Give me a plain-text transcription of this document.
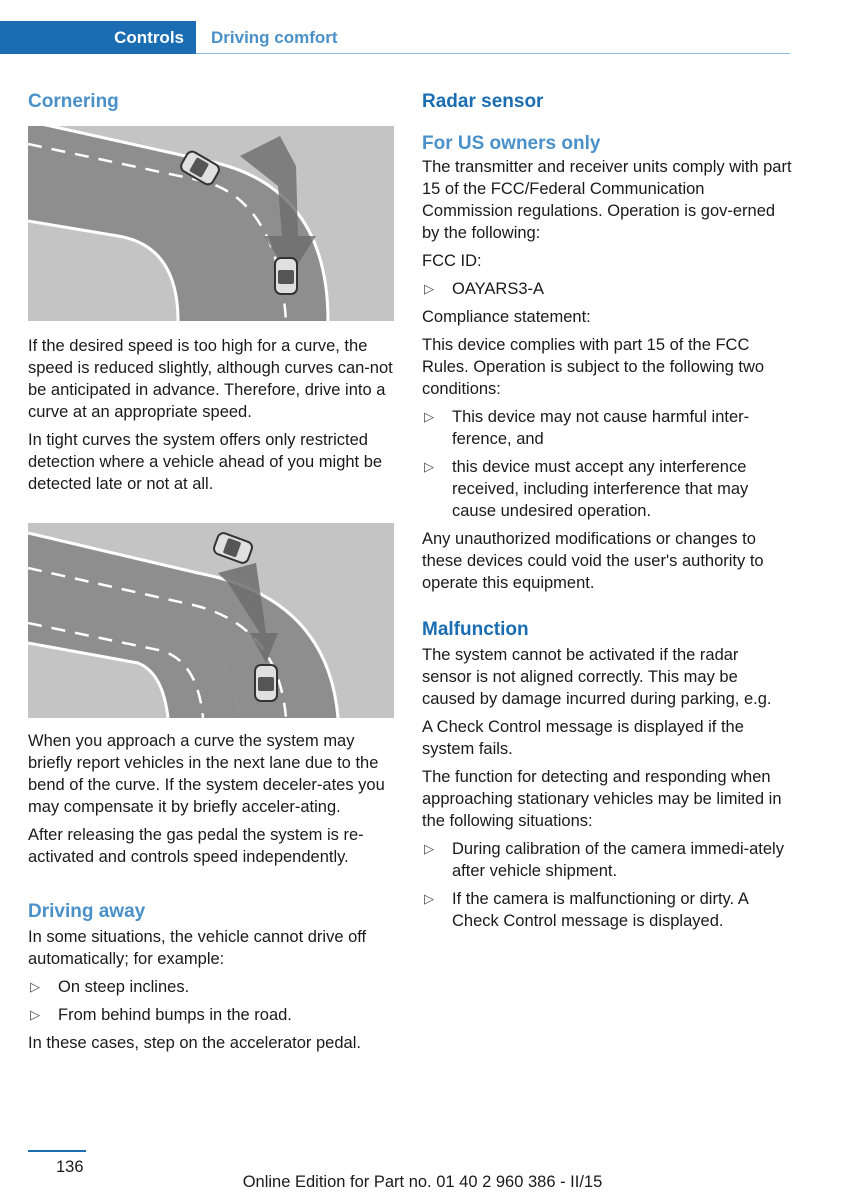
Controls	Driving comfort
Cornering

If the desired speed is too high for a curve, the speed is reduced slightly, although curves can-not be anticipated in advance. Therefore, drive into a curve at an appropriate speed.

In tight curves the system offers only restricted detection where a vehicle ahead of you might be detected late or not at all.

When you approach a curve the system may briefly report vehicles in the next lane due to the bend of the curve. If the system deceler-ates you may compensate it by briefly acceler-ating.

After releasing the gas pedal the system is re-activated and controls speed independently.

Driving away

In some situations, the vehicle cannot drive off automatically; for example:

▷ On steep inclines.
▷ From behind bumps in the road.

In these cases, step on the accelerator pedal.

Radar sensor
For US owners only

The transmitter and receiver units comply with part 15 of the FCC/Federal Communication Commission regulations. Operation is gov-erned by the following:

FCC ID:

▷ OAYARS3-A

Compliance statement:

This device complies with part 15 of the FCC Rules. Operation is subject to the following two conditions:

▷ This device may not cause harmful inter-ference, and
▷ this device must accept any interference received, including interference that may cause undesired operation.

Any unauthorized modifications or changes to these devices could void the user's authority to operate this equipment.

Malfunction

The system cannot be activated if the radar sensor is not aligned correctly. This may be caused by damage incurred during parking, e.g.

A Check Control message is displayed if the system fails.

The function for detecting and responding when approaching stationary vehicles may be limited in the following situations:

▷ During calibration of the camera immedi-ately after vehicle shipment.
▷ If the camera is malfunctioning or dirty. A Check Control message is displayed.
136
Online Edition for Part no. 01 40 2 960 386 - II/15
